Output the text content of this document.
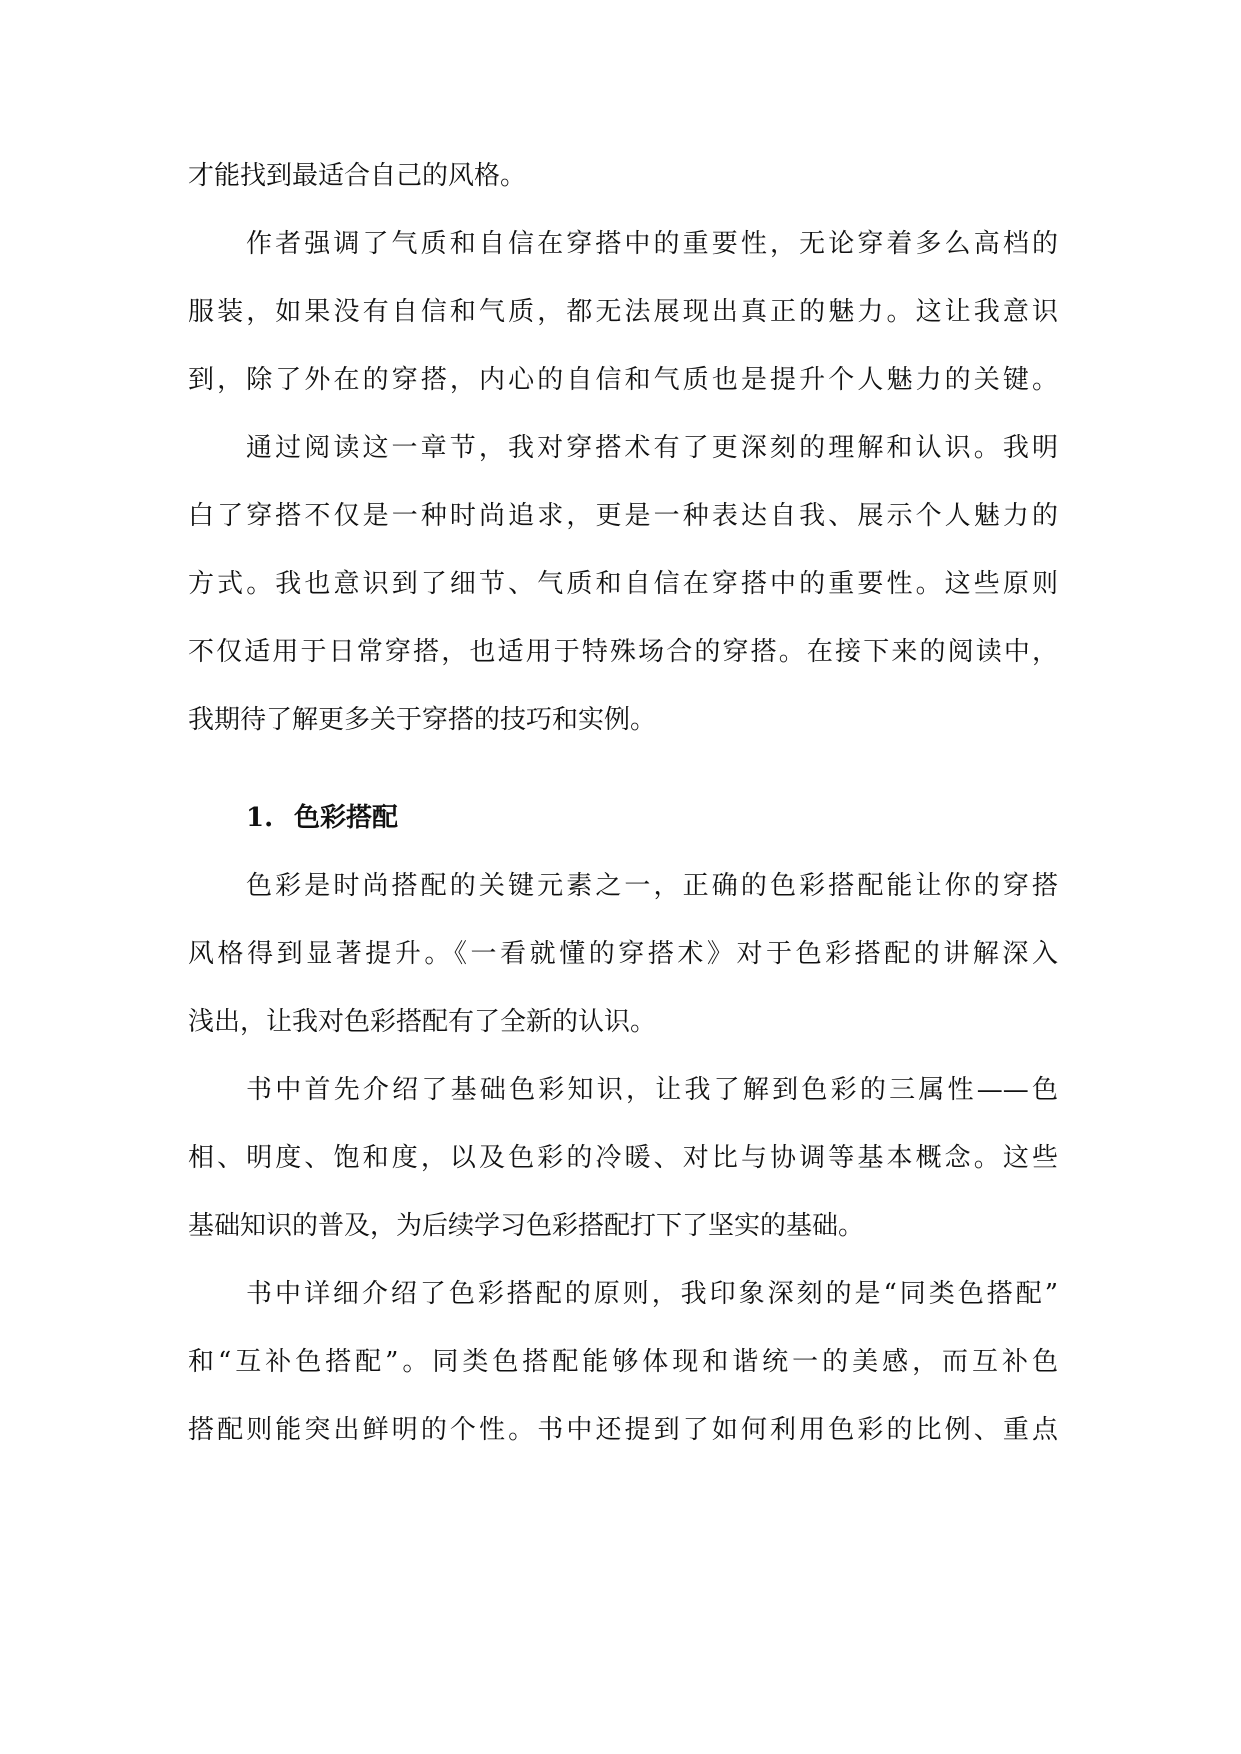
才能找到最适合自己的风格。

作者强调了气质和自信在穿搭中的重要性，无论穿着多么高档的

服装，如果没有自信和气质，都无法展现出真正的魅力。这让我意识

到，除了外在的穿搭，内心的自信和气质也是提升个人魅力的关键。

通过阅读这一章节，我对穿搭术有了更深刻的理解和认识。我明

白了穿搭不仅是一种时尚追求，更是一种表达自我、展示个人魅力的

方式。我也意识到了细节、气质和自信在穿搭中的重要性。这些原则

不仅适用于日常穿搭，也适用于特殊场合的穿搭。在接下来的阅读中，

我期待了解更多关于穿搭的技巧和实例。

1. 色彩搭配

色彩是时尚搭配的关键元素之一，正确的色彩搭配能让你的穿搭

风格得到显著提升。《一看就懂的穿搭术》对于色彩搭配的讲解深入

浅出，让我对色彩搭配有了全新的认识。

书中首先介绍了基础色彩知识，让我了解到色彩的三属性——色

相、明度、饱和度，以及色彩的冷暖、对比与协调等基本概念。这些

基础知识的普及，为后续学习色彩搭配打下了坚实的基础。

书中详细介绍了色彩搭配的原则，我印象深刻的是“同类色搭配”

和“互补色搭配”。同类色搭配能够体现和谐统一的美感，而互补色

搭配则能突出鲜明的个性。书中还提到了如何利用色彩的比例、重点
